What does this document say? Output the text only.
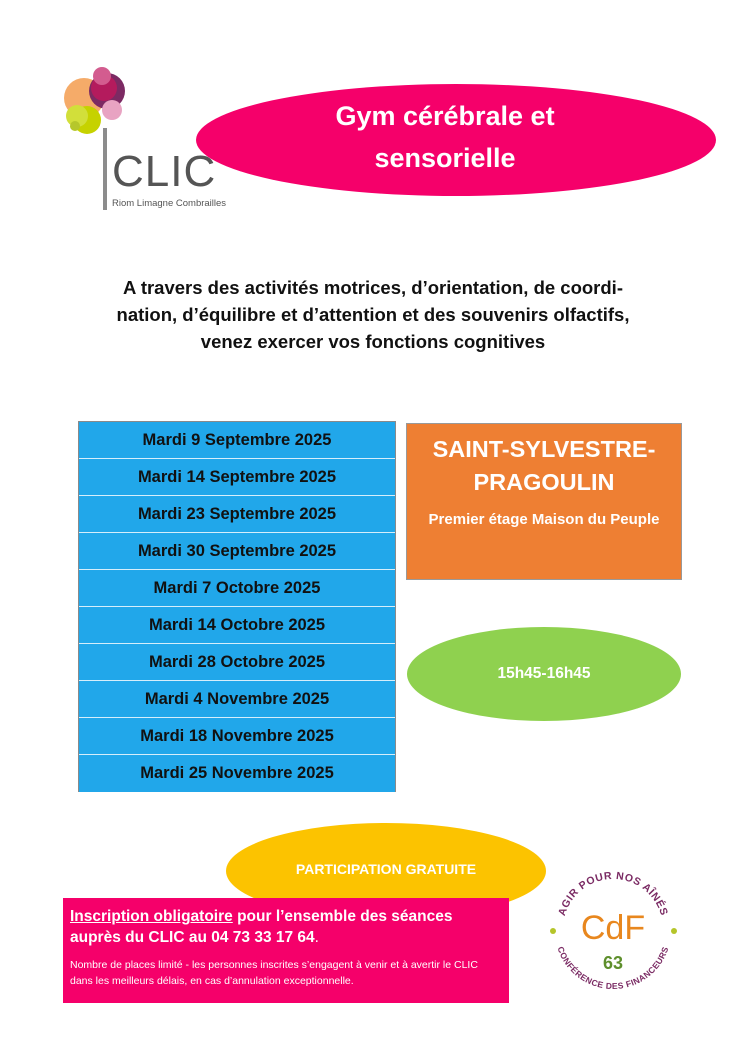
CLIC
Riom Limagne Combrailles
Gym cérébrale et
sensorielle
A travers des activités motrices, d’orientation, de coordi-
nation, d’équilibre et d’attention et des souvenirs olfactifs,
venez exercer vos fonctions cognitives
Mardi 9 Septembre 2025
Mardi 14 Septembre 2025
Mardi 23 Septembre 2025
Mardi 30 Septembre 2025
Mardi 7 Octobre 2025
Mardi 14 Octobre 2025
Mardi 28 Octobre 2025
Mardi 4 Novembre 2025
Mardi 18 Novembre 2025
Mardi 25 Novembre 2025
SAINT-SYLVESTRE-
PRAGOULIN
Premier étage Maison du Peuple
15h45-16h45
PARTICIPATION GRATUITE
Inscription obligatoire pour l’ensemble des séances
auprès du CLIC au 04 73 33 17 64.
Nombre de places limité - les personnes inscrites s’engagent à venir et à avertir le CLIC dans les meilleurs délais, en cas d’annulation exceptionnelle.
AGIR POUR NOS AÎNÉS
CONFÉRENCE DES FINANCEURS
CdF
63
